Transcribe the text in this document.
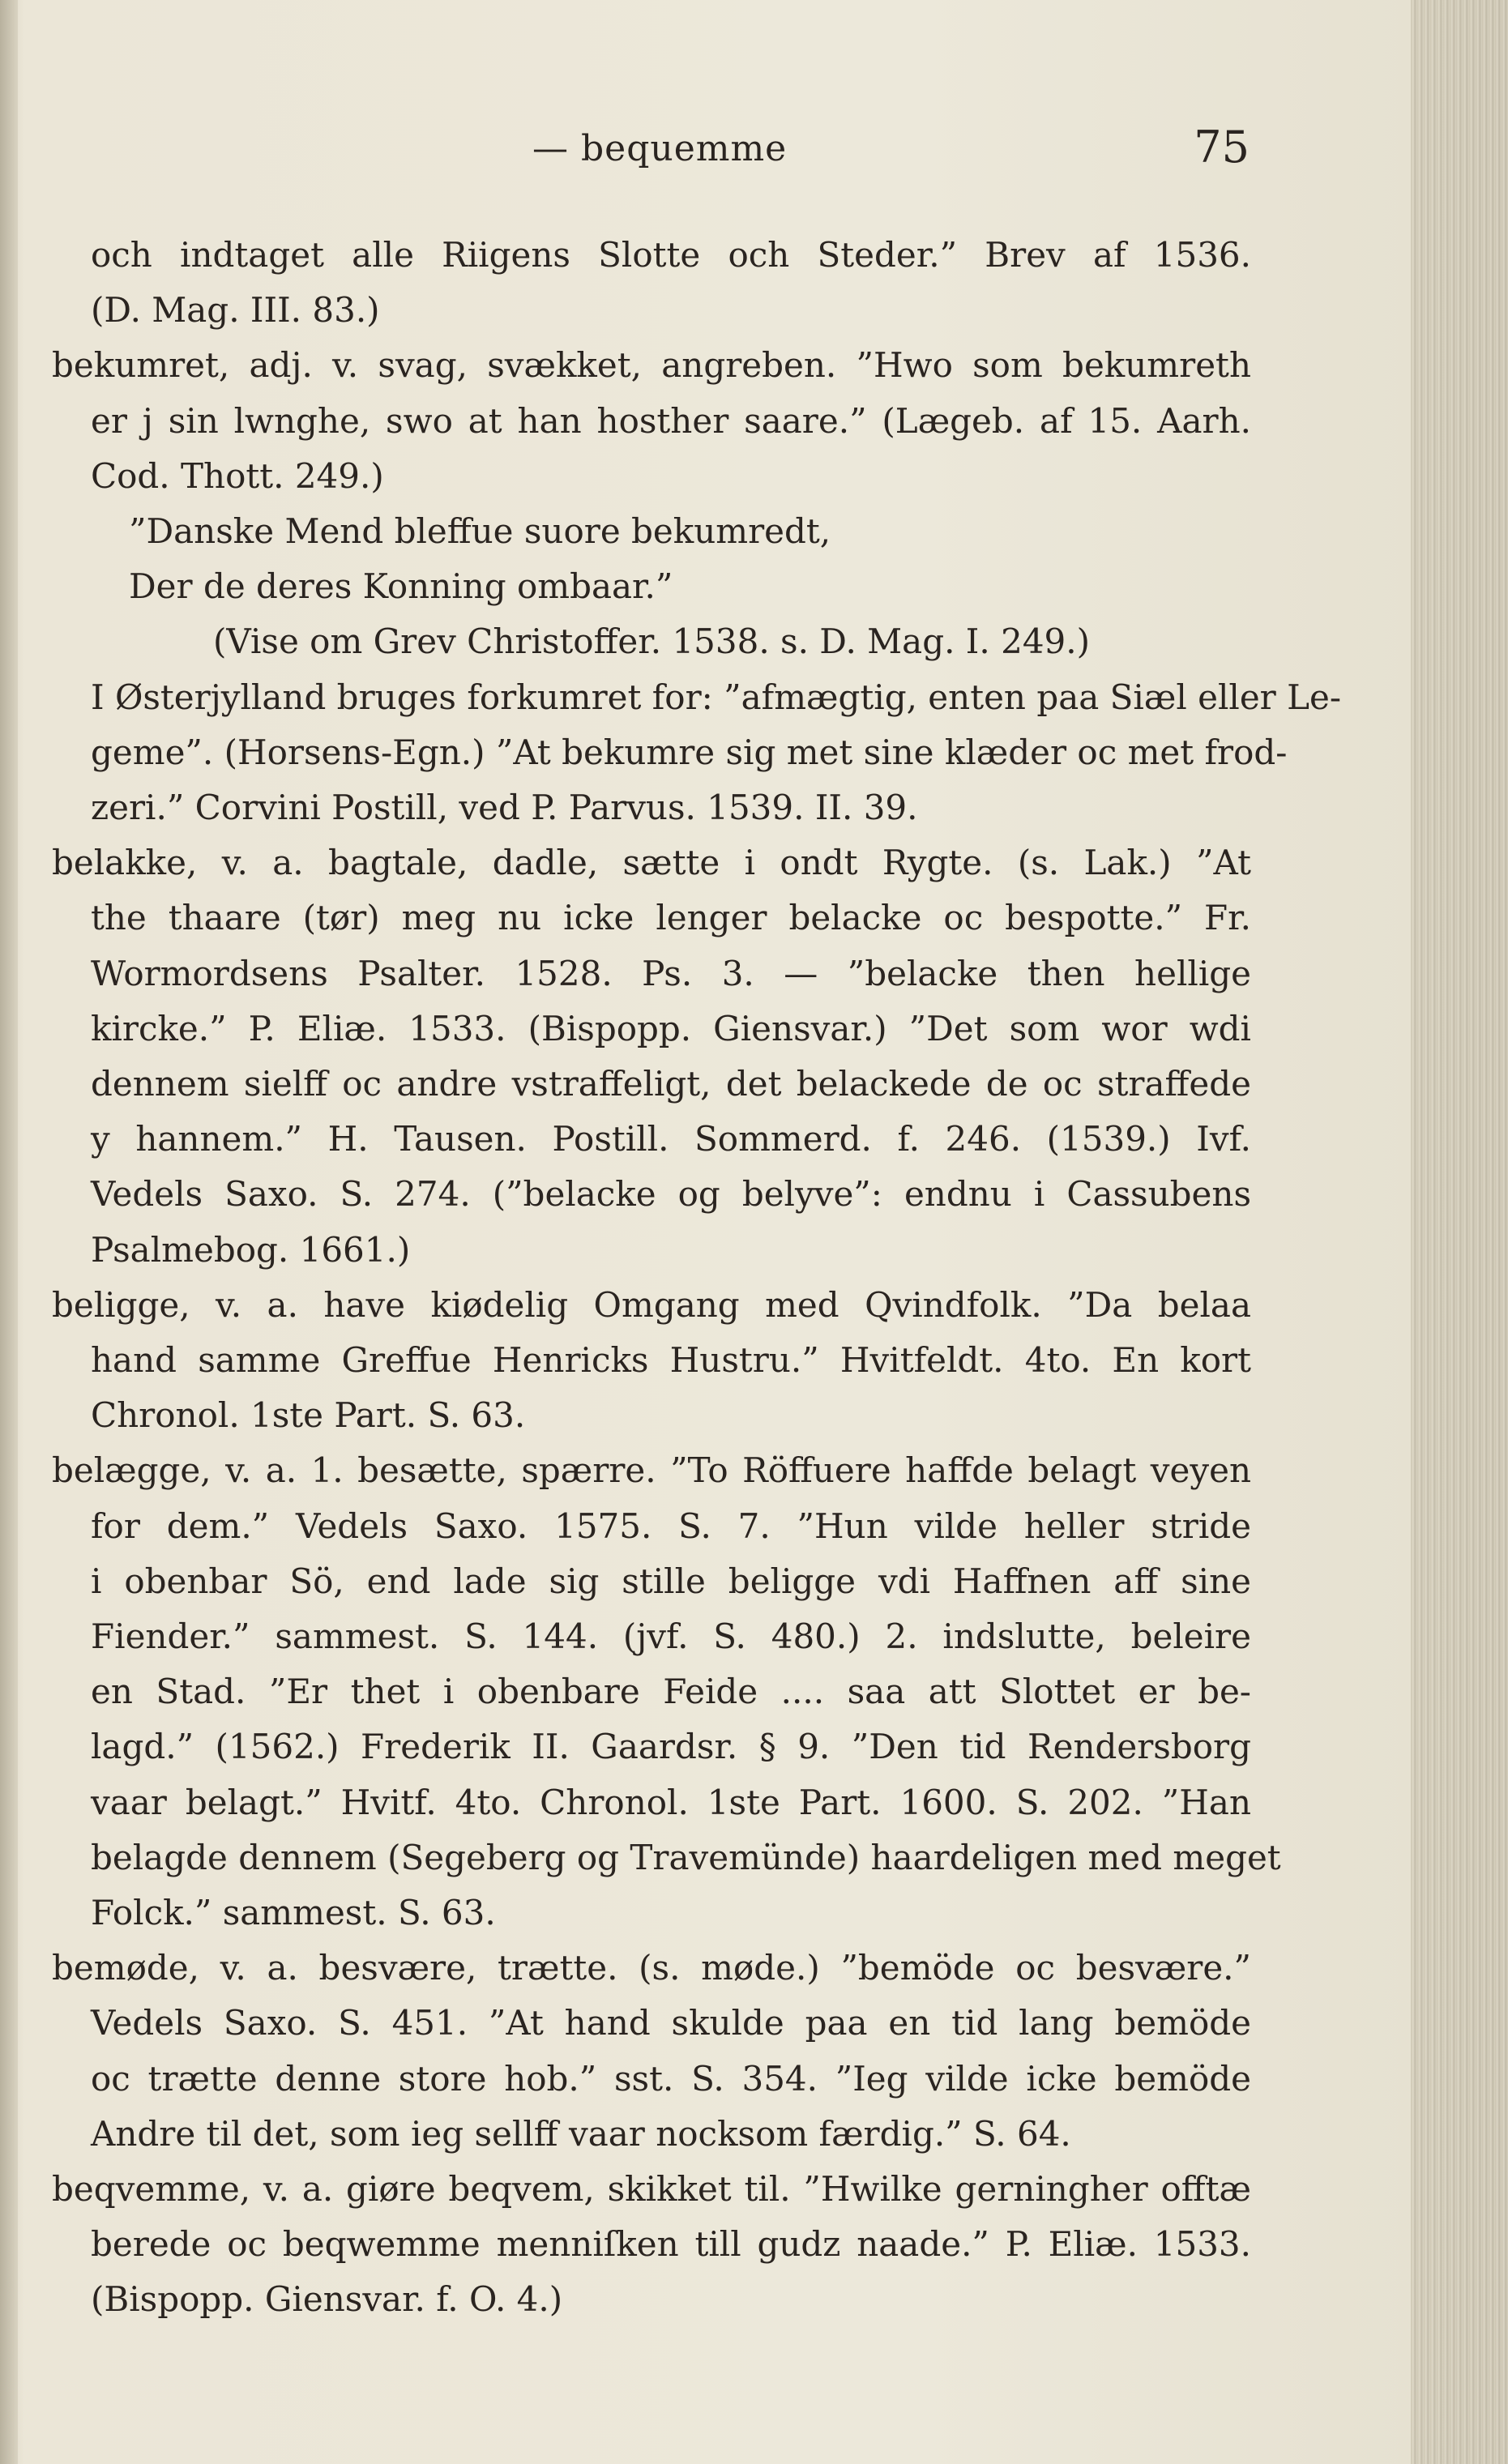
— bequemme	75
och indtaget alle Riigens Slotte och Steder.” Brev af 1536.
(D. Mag. III. 83.)
bekumret, adj. v. svag, svækket, angreben. ”Hwo som bekumreth
er j sin lwnghe, swo at han hosther saare.” (Lægeb. af 15. Aarh.
Cod. Thott. 249.)
”Danske Mend bleffue suore bekumredt,
Der de deres Konning ombaar.”
(Vise om Grev Christoffer. 1538. s. D. Mag. I. 249.)
I Østerjylland bruges forkumret for: ”afmægtig, enten paa Siæl eller Le-
geme”. (Horsens-Egn.) ”At bekumre sig met sine klæder oc met frod-
zeri.” Corvini Postill, ved P. Parvus. 1539. II. 39.
belakke, v. a. bagtale, dadle, sætte i ondt Rygte. (s. Lak.) ”At
the thaare (tør) meg nu icke lenger belacke oc bespotte.” Fr.
Wormordsens Psalter. 1528. Ps. 3. — ”belacke then hellige
kircke.” P. Eliæ. 1533. (Bispopp. Giensvar.) ”Det som wor wdi
dennem sielff oc andre vstraffeligt, det belackede de oc straffede
y hannem.” H. Tausen. Postill. Sommerd. f. 246. (1539.) Ivf.
Vedels Saxo. S. 274. (”belacke og belyve”: endnu i Cassubens
Psalmebog. 1661.)
beligge, v. a. have kiødelig Omgang med Qvindfolk. ”Da belaa
hand samme Greffue Henricks Hustru.” Hvitfeldt. 4to. En kort
Chronol. 1ste Part. S. 63.
belægge, v. a. 1. besætte, spærre. ”To Röffuere haffde belagt veyen
for dem.” Vedels Saxo. 1575. S. 7. ”Hun vilde heller stride
i obenbar Sö, end lade sig stille beligge vdi Haffnen aff sine
Fiender.” sammest. S. 144. (jvf. S. 480.) 2. indslutte, beleire
en Stad. ”Er thet i obenbare Feide .... saa att Slottet er be-
lagd.” (1562.) Frederik II. Gaardsr. § 9. ”Den tid Rendersborg
vaar belagt.” Hvitf. 4to. Chronol. 1ste Part. 1600. S. 202. ”Han
belagde dennem (Segeberg og Travemünde) haardeligen med meget
Folck.” sammest. S. 63.
bemøde, v. a. besvære, trætte. (s. møde.) ”bemöde oc besvære.”
Vedels Saxo. S. 451. ”At hand skulde paa en tid lang bemöde
oc trætte denne store hob.” sst. S. 354. ”Ieg vilde icke bemöde
Andre til det, som ieg sellff vaar nocksom færdig.” S. 64.
beqvemme, v. a. giøre beqvem, skikket til. ”Hwilke gerningher offtæ
berede oc beqwemme menniſken till gudz naade.” P. Eliæ. 1533.
(Bispopp. Giensvar. f. O. 4.)
